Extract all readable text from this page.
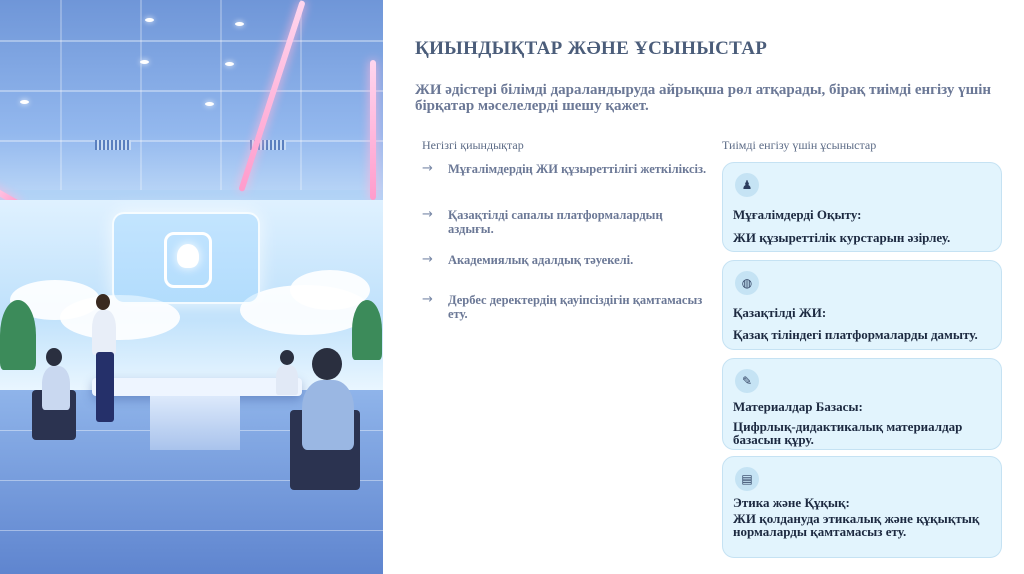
ҚИЫНДЫҚТАР ЖӘНЕ ҰСЫНЫСТАР
ЖИ әдістері білімді дараландыруда айрықша рөл атқарады, бірақ тиімді енгізу үшін бірқатар мәселелерді шешу қажет.
Негізгі қиындықтар
→	Мұғалімдердің ЖИ құзыреттілігі жеткіліксіз.
→	Қазақтілді сапалы платформалардың аздығы.
→	Академиялық адалдық тәуекелі.
→	Дербес деректердің қауіпсіздігін қамтамасыз ету.
Тиімді енгізу үшін ұсыныстар
♟
Мұғалімдерді Оқыту:
ЖИ құзыреттілік курстарын әзірлеу.
◍
Қазақтілді ЖИ:
Қазақ тіліндегі платформаларды дамыту.
✎
Материалдар Базасы:
Цифрлық-дидактикалық материалдар базасын құру.
▤
Этика және Құқық:
ЖИ қолдануда этикалық және құқықтық нормаларды қамтамасыз ету.
